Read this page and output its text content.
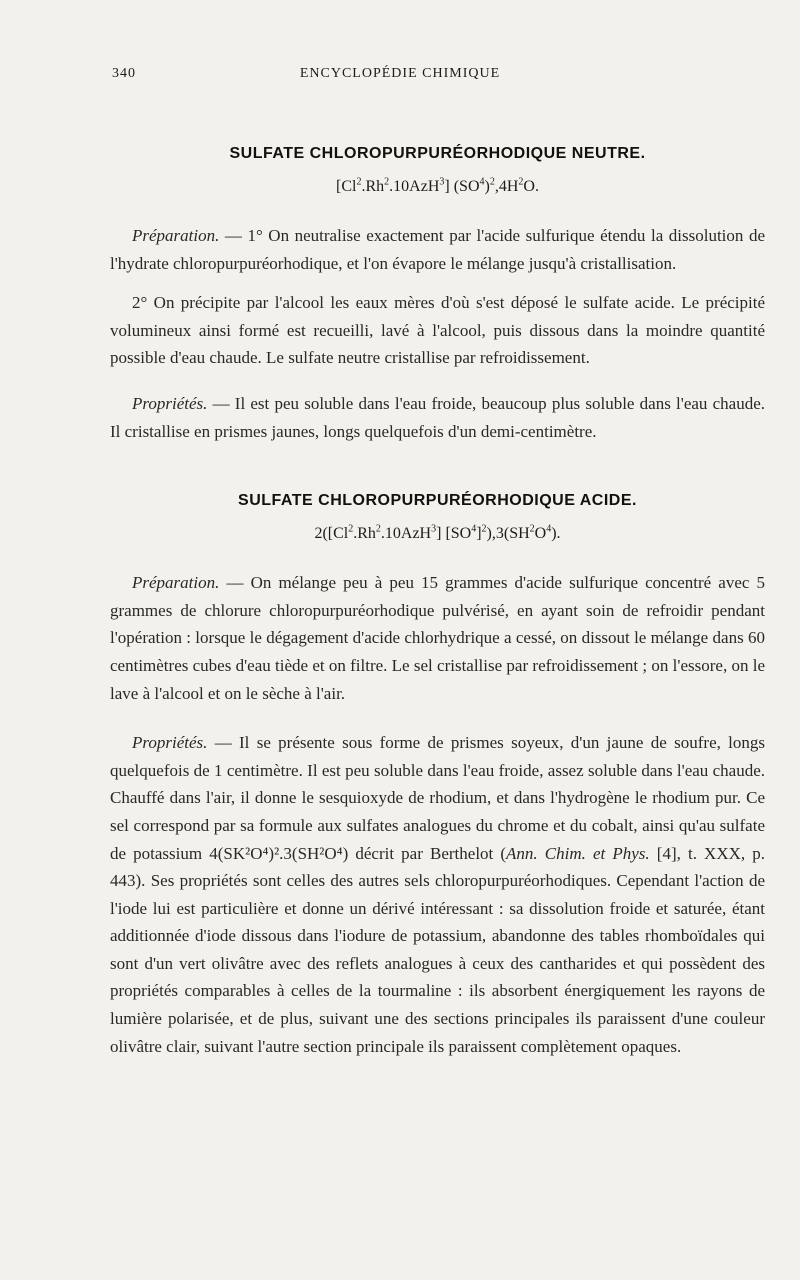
340	ENCYCLOPÉDIE CHIMIQUE
SULFATE CHLOROPURPURÉORHODIQUE NEUTRE.
[Cl$^2$.Rh$^2$.10AzH$^3$] $(SO^4)^2,4H^2O$.

Préparation. — 1° On neutralise exactement par l'acide sulfurique étendu la dissolution de l'hydrate chloropurpuréorhodique, et l'on évapore le mélange jusqu'à cristallisation.

2° On précipite par l'alcool les eaux mères d'où s'est déposé le sulfate acide. Le précipité volumineux ainsi formé est recueilli, lavé à l'alcool, puis dissous dans la moindre quantité possible d'eau chaude. Le sulfate neutre cristallise par refroidissement.

Propriétés. — Il est peu soluble dans l'eau froide, beaucoup plus soluble dans l'eau chaude. Il cristallise en prismes jaunes, longs quelquefois d'un demi-centimètre.

SULFATE CHLOROPURPURÉORHODIQUE ACIDE.
2([Cl$^2$.Rh$^2$.10AzH$^3$] $[SO^4]^2),3(SH^2O^4)$.

Préparation. — On mélange peu à peu 15 grammes d'acide sulfurique concentré avec 5 grammes de chlorure chloropurpuréorhodique pulvérisé, en ayant soin de refroidir pendant l'opération : lorsque le dégagement d'acide chlorhydrique a cessé, on dissout le mélange dans 60 centimètres cubes d'eau tiède et on filtre. Le sel cristallise par refroidissement ; on l'essore, on le lave à l'alcool et on le sèche à l'air.

Propriétés. — Il se présente sous forme de prismes soyeux, d'un jaune de soufre, longs quelquefois de 1 centimètre. Il est peu soluble dans l'eau froide, assez soluble dans l'eau chaude. Chauffé dans l'air, il donne le sesquioxyde de rhodium, et dans l'hydrogène le rhodium pur. Ce sel correspond par sa formule aux sulfates analogues du chrome et du cobalt, ainsi qu'au sulfate de potassium 4(SK²O⁴)².3(SH²O⁴) décrit par Berthelot (Ann. Chim. et Phys. [4], t. XXX, p. 443). Ses propriétés sont celles des autres sels chloropurpuréorhodiques. Cependant l'action de l'iode lui est particulière et donne un dérivé intéressant : sa dissolution froide et saturée, étant additionnée d'iode dissous dans l'iodure de potassium, abandonne des tables rhomboïdales qui sont d'un vert olivâtre avec des reflets analogues à ceux des cantharides et qui possèdent des propriétés comparables à celles de la tourmaline : ils absorbent énergiquement les rayons de lumière polarisée, et de plus, suivant une des sections principales ils paraissent d'une couleur olivâtre clair, suivant l'autre section principale ils paraissent complètement opaques.
